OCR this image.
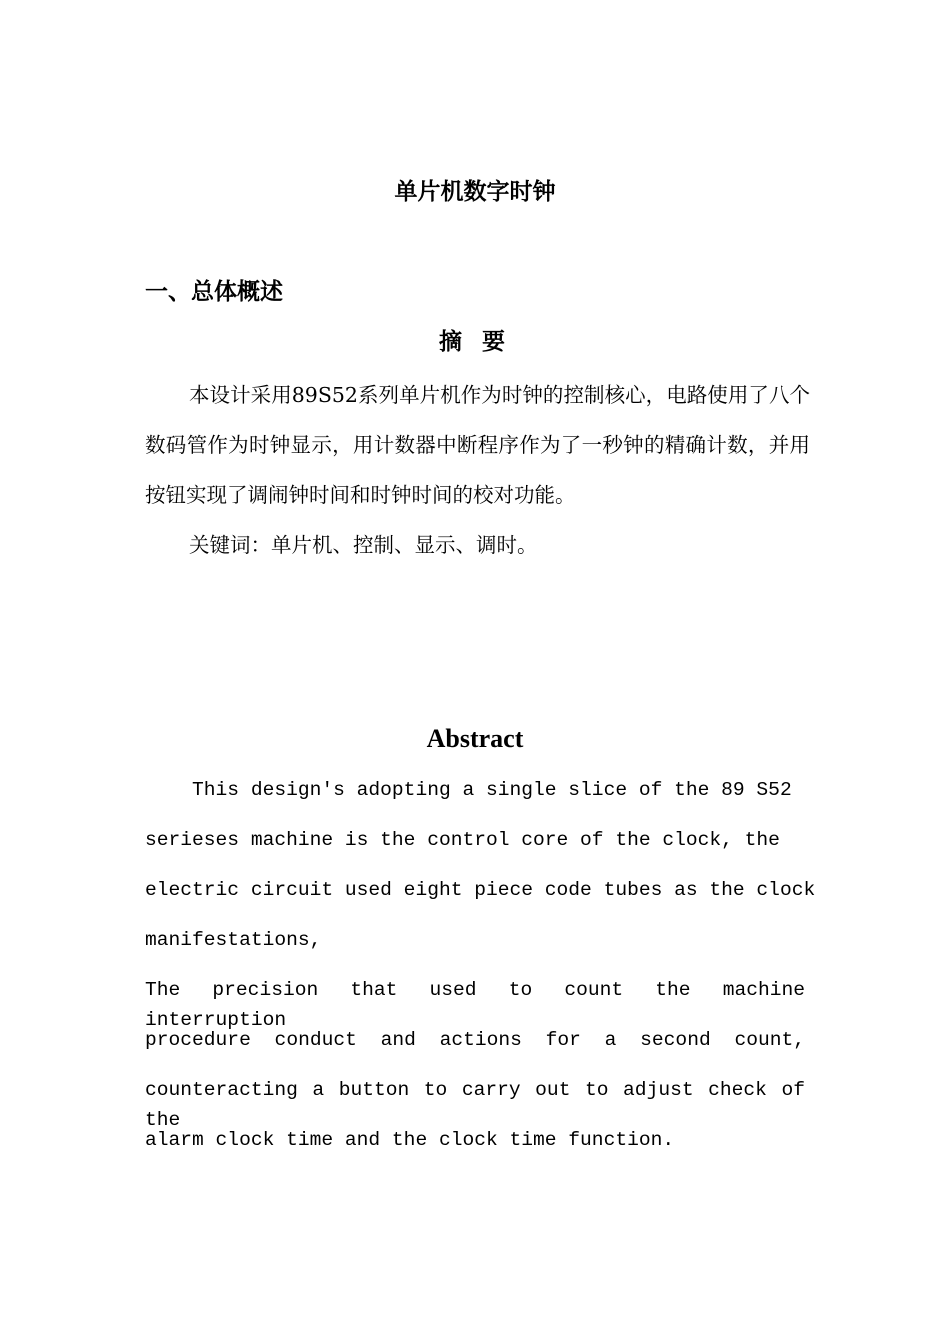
单片机数字时钟
一、总体概述
摘 要

本设计采用89S52系列单片机作为时钟的控制核心，电路使用了八个数码管作为时钟显示，用计数器中断程序作为了一秒钟的精确计数，并用按钮实现了调闹钟时间和时钟时间的校对功能。

关键词：单片机、控制、显示、调时。

Abstract

This design's adopting a single slice of the 89 S52

serieses machine is the control core of the clock, the

electric circuit used eight piece code tubes as the clock

manifestations,

The precision that used to count the machine interruption

procedure conduct and actions for a second count,

counteracting a button to carry out to adjust check of the

alarm clock time and the clock time function.
